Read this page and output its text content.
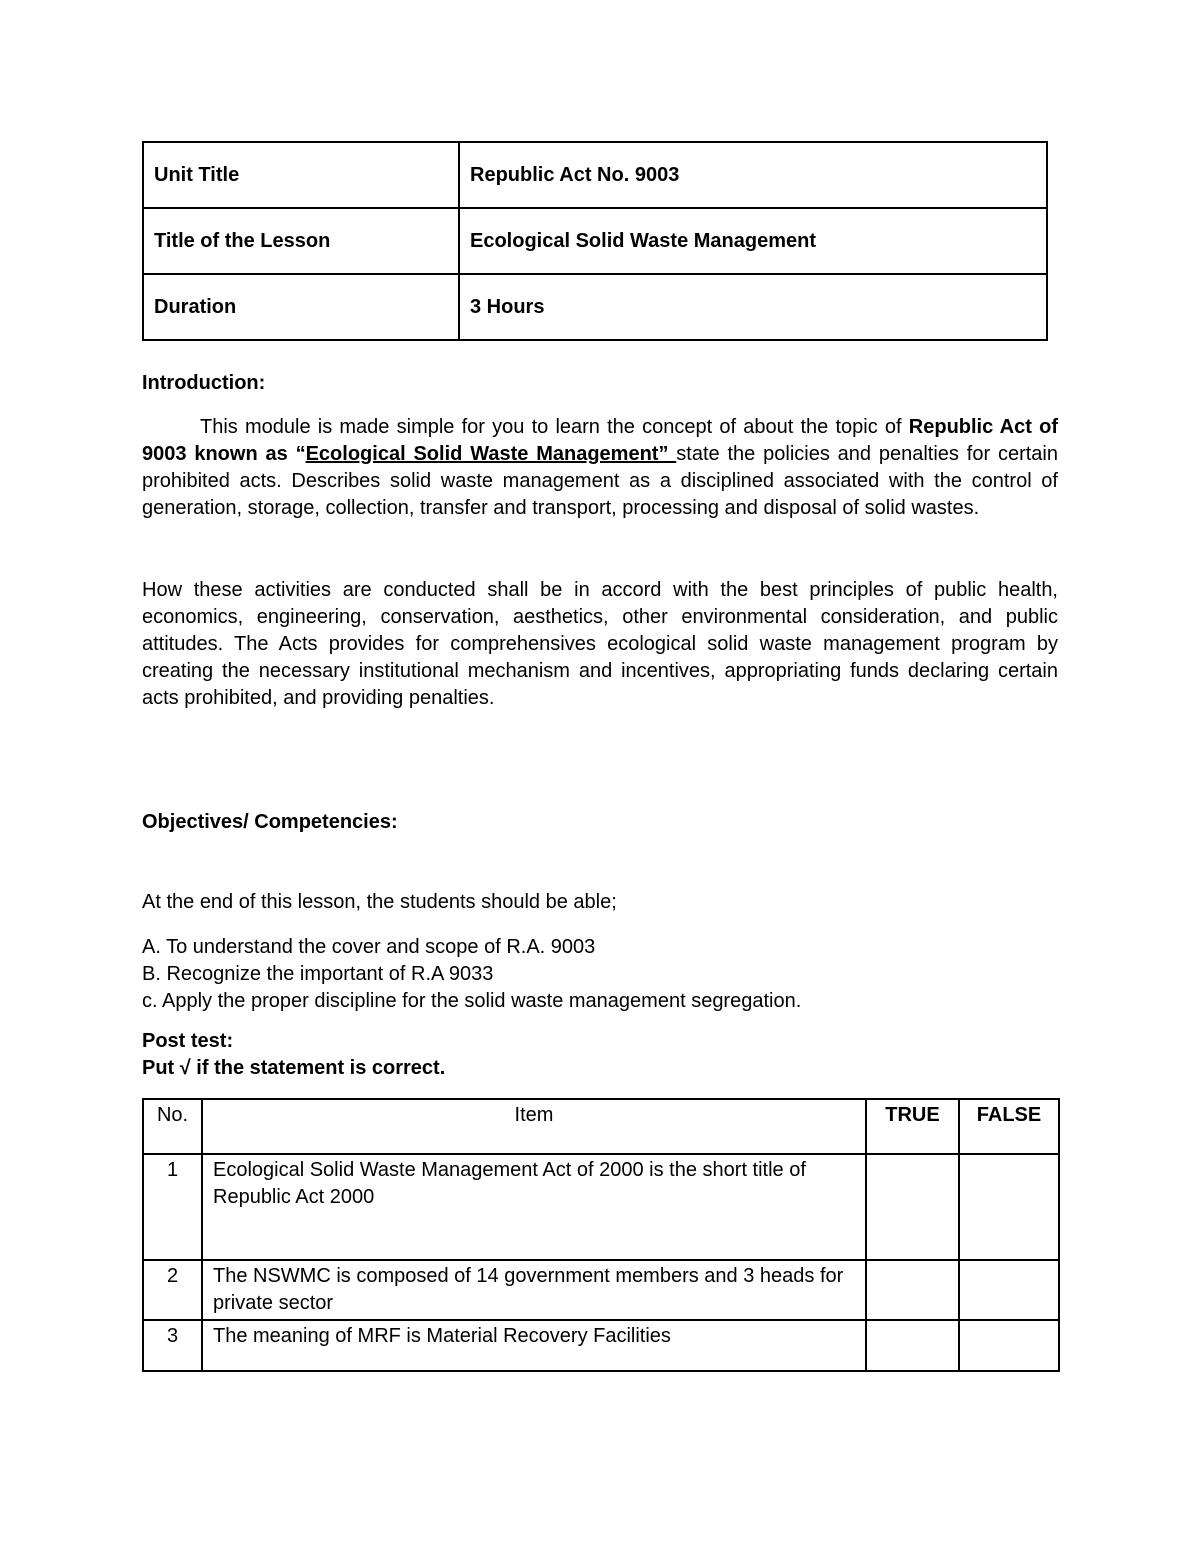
Unit Title	Republic Act No. 9003
Title of the Lesson	Ecological Solid Waste Management
Duration	3 Hours
Introduction:
This module is made simple for you to learn the concept of about the topic of Republic Act of 9003 known as “Ecological Solid Waste Management” state the policies and penalties for certain prohibited acts. Describes solid waste management as a disciplined associated with the control of generation, storage, collection, transfer and transport, processing and disposal of solid wastes.
How these activities are conducted shall be in accord with the best principles of public health, economics, engineering, conservation, aesthetics, other environmental consideration, and public attitudes. The Acts provides for comprehensives ecological solid waste management program by creating the necessary institutional mechanism and incentives, appropriating funds declaring certain acts prohibited, and providing penalties.
Objectives/ Competencies:
At the end of this lesson, the students should be able;
A. To understand the cover and scope of R.A. 9003
B. Recognize the important of R.A 9033
c. Apply the proper discipline for the solid waste management segregation.
Post test:
Put √ if the statement is correct.
No.	Item	TRUE	FALSE
1	Ecological Solid Waste Management Act of 2000 is the short title of Republic Act 2000		
2	The NSWMC is composed of 14 government members and 3 heads for private sector		
3	The meaning of MRF is Material Recovery Facilities		
